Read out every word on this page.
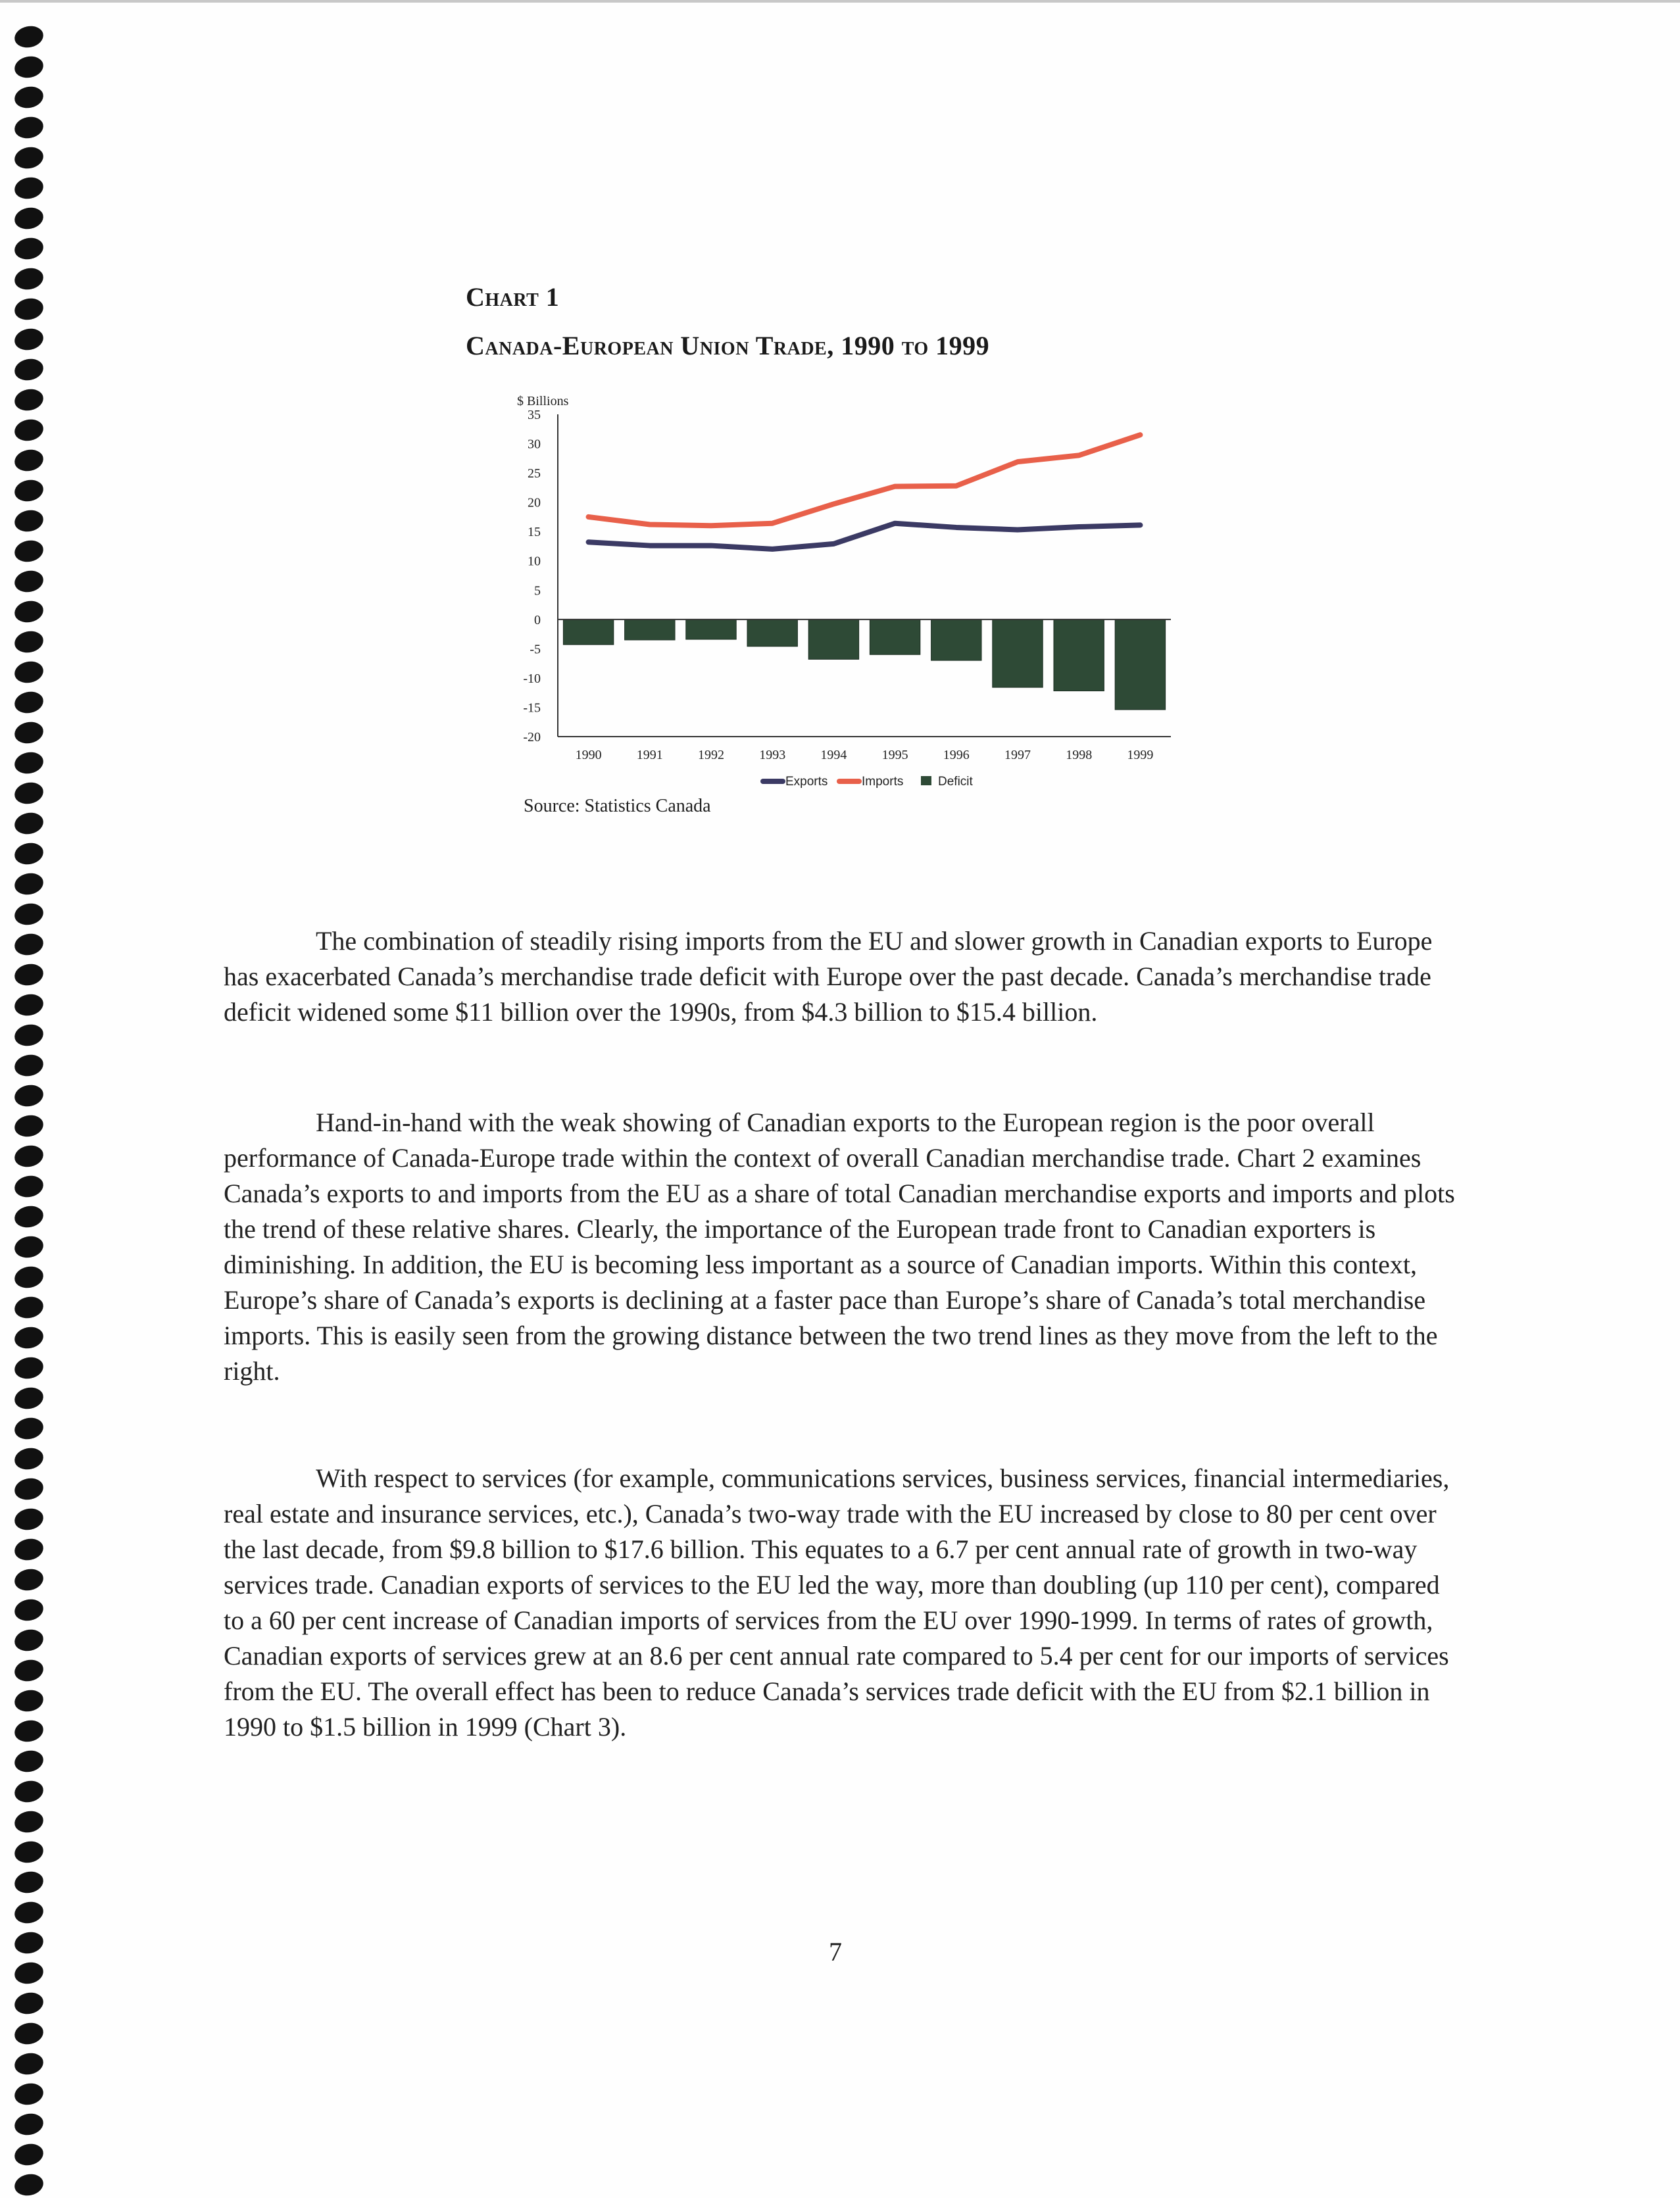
Chart 1
Canada-European Union Trade, 1990 to 1999
$ Billions
35
30
25
20
15
10
5
0
-5
-10
-15
-20
1990	1991	1992	1993	1994	1995	1996	1997	1998	1999
Exports	Imports	Deficit
Source: Statistics Canada

The combination of steadily rising imports from the EU and slower growth in Canadian exports to Europe has exacerbated Canada’s merchandise trade deficit with Europe over the past decade. Canada’s merchandise trade deficit widened some $11 billion over the 1990s, from $4.3 billion to $15.4 billion.

Hand-in-hand with the weak showing of Canadian exports to the European region is the poor overall performance of Canada-Europe trade within the context of overall Canadian merchandise trade. Chart 2 examines Canada’s exports to and imports from the EU as a share of total Canadian merchandise exports and imports and plots the trend of these relative shares. Clearly, the importance of the European trade front to Canadian exporters is diminishing. In addition, the EU is becoming less important as a source of Canadian imports. Within this context, Europe’s share of Canada’s exports is declining at a faster pace than Europe’s share of Canada’s total merchandise imports. This is easily seen from the growing distance between the two trend lines as they move from the left to the right.

With respect to services (for example, communications services, business services, financial intermediaries, real estate and insurance services, etc.), Canada’s two-way trade with the EU increased by close to 80 per cent over the last decade, from $9.8 billion to $17.6 billion. This equates to a 6.7 per cent annual rate of growth in two-way services trade. Canadian exports of services to the EU led the way, more than doubling (up 110 per cent), compared to a 60 per cent increase of Canadian imports of services from the EU over 1990-1999. In terms of rates of growth, Canadian exports of services grew at an 8.6 per cent annual rate compared to 5.4 per cent for our imports of services from the EU. The overall effect has been to reduce Canada’s services trade deficit with the EU from $2.1 billion in 1990 to $1.5 billion in 1999 (Chart 3).

7
